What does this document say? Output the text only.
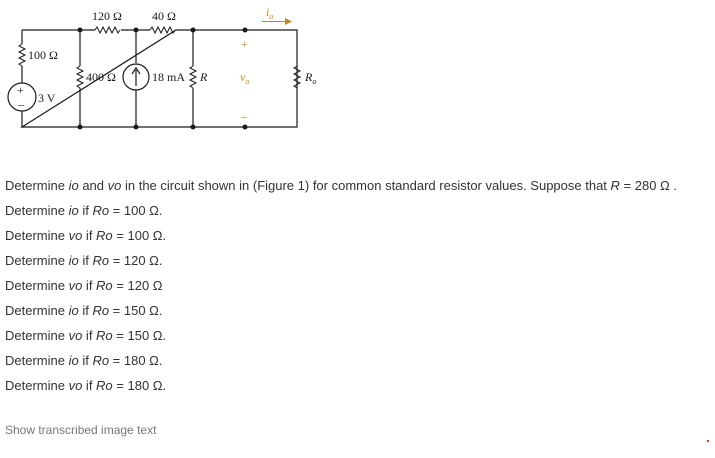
120 Ω	40 Ω
100 Ω
400 Ω	18 mA R
3 V
+
–
+
–
$v_o$
$i_o$
$R_o$

Determine io and vo in the circuit shown in (Figure 1) for common standard resistor values. Suppose that R = 280 Ω .

Determine io if Ro = 100 Ω.

Determine vo if Ro = 100 Ω.

Determine io if Ro = 120 Ω.

Determine vo if Ro = 120 Ω

Determine io if Ro = 150 Ω.

Determine vo if Ro = 150 Ω.

Determine io if Ro = 180 Ω.

Determine vo if Ro = 180 Ω.

Show transcribed image text
